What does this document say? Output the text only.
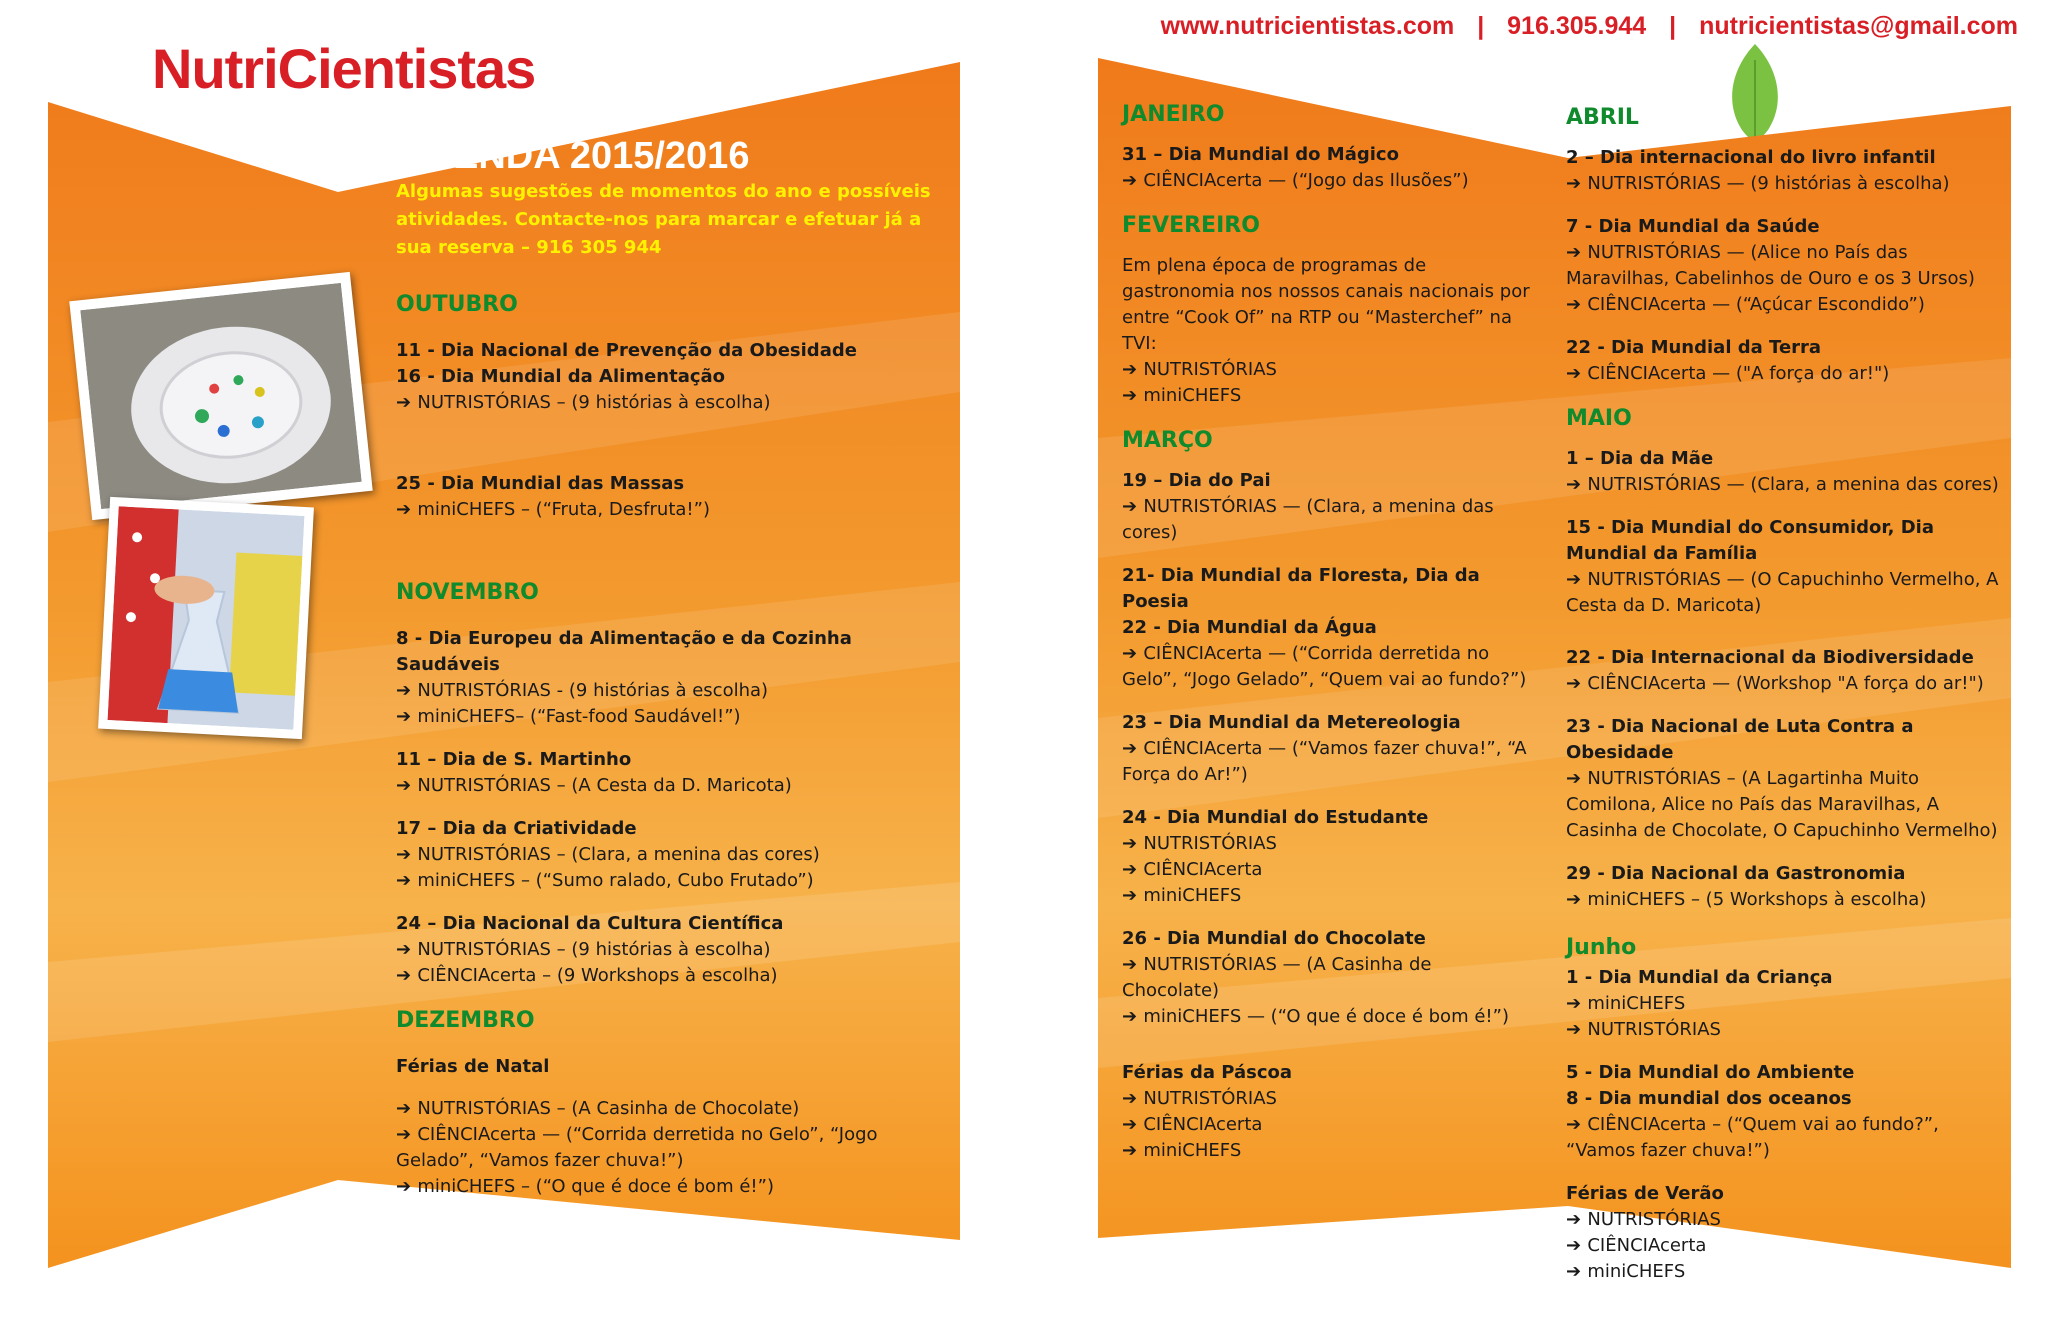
NutriCientistas
www.nutricientistas.com | 916.305.944 | nutricientistas@gmail.com
AGENDA 2015/2016
Algumas sugestões de momentos do ano e possíveis atividades. Contacte-nos para marcar e efetuar já a sua reserva – 916 305 944
OUTUBRO
11 - Dia Nacional de Prevenção da Obesidade
16 - Dia Mundial da Alimentação
➔ NUTRISTÓRIAS – (9 histórias à escolha)
25 - Dia Mundial das Massas
➔ miniCHEFS – (“Fruta, Desfruta!”)
NOVEMBRO
8 - Dia Europeu da Alimentação e da Cozinha Saudáveis
➔ NUTRISTÓRIAS - (9 histórias à escolha)
➔ miniCHEFS– (“Fast-food Saudável!”)
11 – Dia de S. Martinho
➔ NUTRISTÓRIAS – (A Cesta da D. Maricota)
17 – Dia da Criatividade
➔ NUTRISTÓRIAS – (Clara, a menina das cores)
➔ miniCHEFS – (“Sumo ralado, Cubo Frutado”)
24 – Dia Nacional da Cultura Científica
➔ NUTRISTÓRIAS – (9 histórias à escolha)
➔ CIÊNCIAcerta – (9 Workshops à escolha)
DEZEMBRO
Férias de Natal
➔ NUTRISTÓRIAS – (A Casinha de Chocolate)
➔ CIÊNCIAcerta — (“Corrida derretida no Gelo”, “Jogo Gelado”, “Vamos fazer chuva!”)
➔ miniCHEFS – (“O que é doce é bom é!”)
JANEIRO
31 – Dia Mundial do Mágico
➔ CIÊNCIAcerta — (“Jogo das Ilusões”)
FEVEREIRO
Em plena época de programas de gastronomia nos nossos canais nacionais por entre “Cook Of” na RTP ou “Masterchef” na TVI:
➔ NUTRISTÓRIAS
➔ miniCHEFS
MARÇO
19 – Dia do Pai
➔ NUTRISTÓRIAS — (Clara, a menina das cores)
21- Dia Mundial da Floresta, Dia da Poesia
22 - Dia Mundial da Água
➔ CIÊNCIAcerta — (“Corrida derretida no Gelo”, “Jogo Gelado”, “Quem vai ao fundo?”)
23 – Dia Mundial da Metereologia
➔ CIÊNCIAcerta — (“Vamos fazer chuva!”, “A Força do Ar!”)
24 - Dia Mundial do Estudante
➔ NUTRISTÓRIAS
➔ CIÊNCIAcerta
➔ miniCHEFS
26 - Dia Mundial do Chocolate
➔ NUTRISTÓRIAS — (A Casinha de Chocolate)
➔ miniCHEFS — (“O que é doce é bom é!”)
Férias da Páscoa
➔ NUTRISTÓRIAS
➔ CIÊNCIAcerta
➔ miniCHEFS
ABRIL
2 – Dia internacional do livro infantil
➔ NUTRISTÓRIAS — (9 histórias à escolha)
7 - Dia Mundial da Saúde
➔ NUTRISTÓRIAS — (Alice no País das Maravilhas, Cabelinhos de Ouro e os 3 Ursos)
➔ CIÊNCIAcerta — (“Açúcar Escondido”)
22 - Dia Mundial da Terra
➔ CIÊNCIAcerta — ("A força do ar!")
MAIO
1 – Dia da Mãe
➔ NUTRISTÓRIAS — (Clara, a menina das cores)
15 - Dia Mundial do Consumidor, Dia Mundial da Família
➔ NUTRISTÓRIAS — (O Capuchinho Vermelho, A Cesta da D. Maricota)
22 - Dia Internacional da Biodiversidade
➔ CIÊNCIAcerta — (Workshop "A força do ar!")
23 - Dia Nacional de Luta Contra a Obesidade
➔ NUTRISTÓRIAS – (A Lagartinha Muito Comilona, Alice no País das Maravilhas, A Casinha de Chocolate, O Capuchinho Vermelho)
29 - Dia Nacional da Gastronomia
➔ miniCHEFS – (5 Workshops à escolha)
Junho
1 - Dia Mundial da Criança
➔ miniCHEFS
➔ NUTRISTÓRIAS
5 - Dia Mundial do Ambiente
8 - Dia mundial dos oceanos
➔ CIÊNCIAcerta – (“Quem vai ao fundo?”, “Vamos fazer chuva!”)
Férias de Verão
➔ NUTRISTÓRIAS
➔ CIÊNCIAcerta
➔ miniCHEFS
